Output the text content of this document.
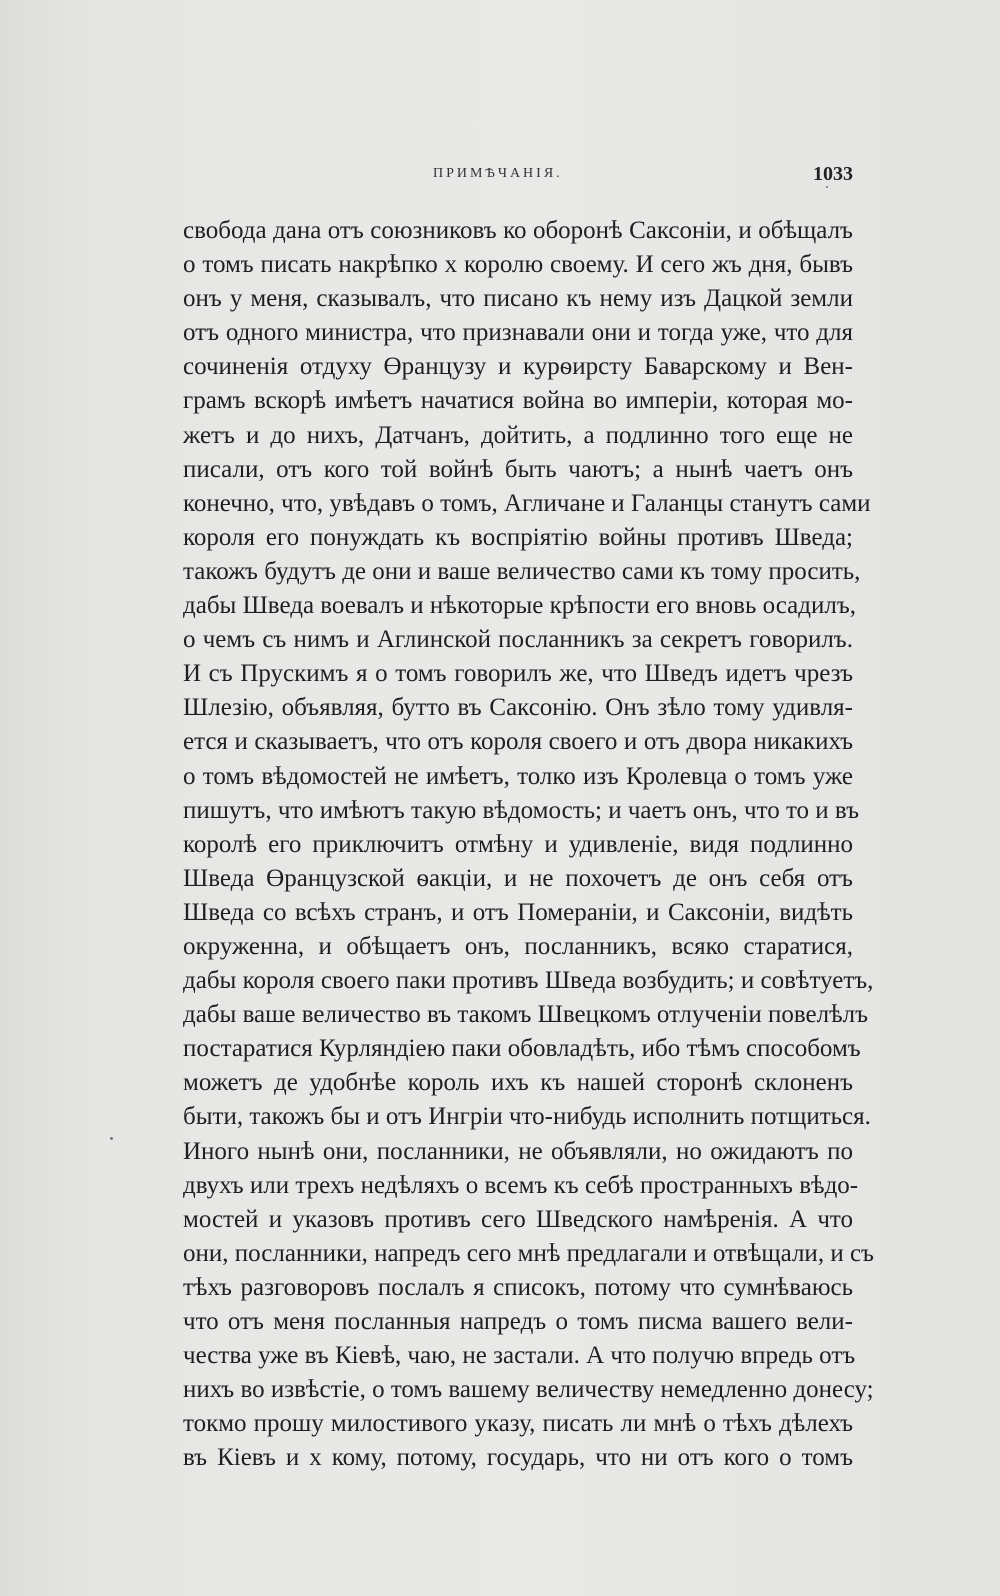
ПРИМѢЧАНІЯ.	1033
свобода дана отъ союзниковъ ко оборонѣ Саксоніи, и обѣщалъ
о томъ писать накрѣпко х королю своему. И сего жъ дня, бывъ
онъ у меня, сказывалъ, что писано къ нему изъ Дацкой земли
отъ одного министра, что признавали они и тогда уже, что для
сочиненія отдуху Өранцузу и курѳирсту Баварскому и Вен-
грамъ вскорѣ имѣетъ начатися война во имперіи, которая мо-
жетъ и до нихъ, Датчанъ, дойтить, а подлинно того еще не
писали, отъ кого той войнѣ быть чаютъ; а нынѣ чаетъ онъ
конечно, что, увѣдавъ о томъ, Агличане и Галанцы станутъ сами
короля его понуждать къ воспріятію войны противъ Шведа;
такожъ будутъ де они и ваше величество сами къ тому просить,
дабы Шведа воевалъ и нѣкоторые крѣпости его вновь осадилъ,
о чемъ съ нимъ и Аглинской посланникъ за секретъ говорилъ.
И съ Прускимъ я о томъ говорилъ же, что Шведъ идетъ чрезъ
Шлезію, объявляя, бутто въ Саксонію. Онъ зѣло тому удивля-
ется и сказываетъ, что отъ короля своего и отъ двора никакихъ
о томъ вѣдомостей не имѣетъ, толко изъ Кролевца о томъ уже
пишутъ, что имѣютъ такую вѣдомость; и чаетъ онъ, что то и въ
королѣ его приключитъ отмѣну и удивленіе, видя подлинно
Шведа Өранцузской ѳакціи, и не похочетъ де онъ себя отъ
Шведа со всѣхъ странъ, и отъ Помераніи, и Саксоніи, видѣть
окруженна, и обѣщаетъ онъ, посланникъ, всяко старатися,
дабы короля своего паки противъ Шведа возбудить; и совѣтуетъ,
дабы ваше величество въ такомъ Швецкомъ отлученіи повелѣлъ
постаратися Курляндіею паки обовладѣть, ибо тѣмъ способомъ
можетъ де удобнѣе король ихъ къ нашей сторонѣ склоненъ
быти, такожъ бы и отъ Ингріи что-нибудь исполнить потщиться.
Иного нынѣ они, посланники, не объявляли, но ожидаютъ по
двухъ или трехъ недѣляхъ о всемъ къ себѣ пространныхъ вѣдо-
мостей и указовъ противъ сего Шведского намѣренія. А что
они, посланники, напредъ сего мнѣ предлагали и отвѣщали, и съ
тѣхъ разговоровъ послалъ я списокъ, потому что сумнѣваюсь
что отъ меня посланныя напредъ о томъ писма вашего вели-
чества уже въ Кіевѣ, чаю, не застали. А что получю впредь отъ
нихъ во извѣстіе, о томъ вашему величеству немедленно донесу;
токмо прошу милостивого указу, писать ли мнѣ о тѣхъ дѣлехъ
въ Кіевъ и х кому, потому, государь, что ни отъ кого о томъ
